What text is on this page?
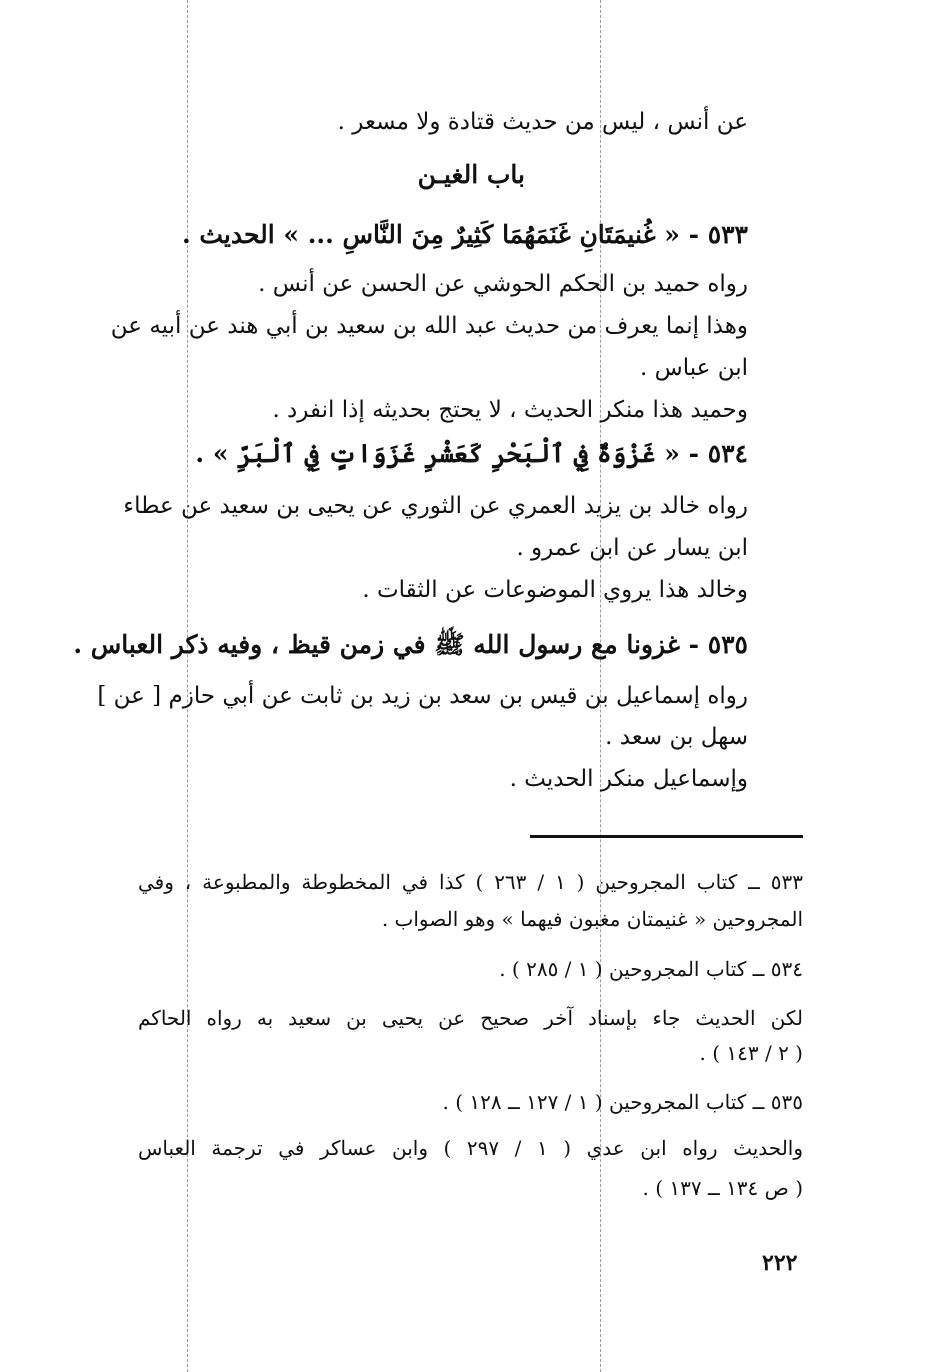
عن أنس ، ليس من حديث قتادة ولا مسعر .
باب الغيـن
٥٣٣ - « غُنيمَتَانِ غَنَمَهُمَا كَثِيرٌ مِنَ النَّاسِ ... » الحديث .
رواه حميد بن الحكم الحوشي عن الحسن عن أنس .
وهذا إنما يعرف من حديث عبد الله بن سعيد بن أبي هند عن أبيه عن
ابن عباس .
وحميد هذا منكر الحديث ، لا يحتج بحديثه إذا انفرد .
٥٣٤ - « غَزْوَةٌ فِي ٱلْبَحْرِ كَعَشْرِ غَزَوَاتٍ فِي ٱلْبَرِّ » .
رواه خالد بن يزيد العمري عن الثوري عن يحيى بن سعيد عن عطاء
ابن يسار عن ابن عمرو .
وخالد هذا يروي الموضوعات عن الثقات .
٥٣٥ - غزونا مع رسول الله ﷺ في زمن قيظ ، وفيه ذكر العباس .
رواه إسماعيل بن قيس بن سعد بن زيد بن ثابت عن أبي حازم [ عن ]
سهل بن سعد .
وإسماعيل منكر الحديث .
٥٣٣ ــ كتاب المجروحين ( ١ / ٢٦٣ ) كذا في المخطوطة والمطبوعة ، وفي
المجروحين « غنيمتان مغبون فيهما » وهو الصواب .
٥٣٤ ــ كتاب المجروحين ( ١ / ٢٨٥ ) .
لكن الحديث جاء بإسناد آخر صحيح عن يحيى بن سعيد به رواه الحاكم
( ٢ / ١٤٣ ) .
٥٣٥ ــ كتاب المجروحين ( ١ / ١٢٧ ــ ١٢٨ ) .
والحديث رواه ابن عدي ( ١ / ٢٩٧ ) وابن عساكر في ترجمة العباس
( ص ١٣٤ ــ ١٣٧ ) .
٢٢٢
